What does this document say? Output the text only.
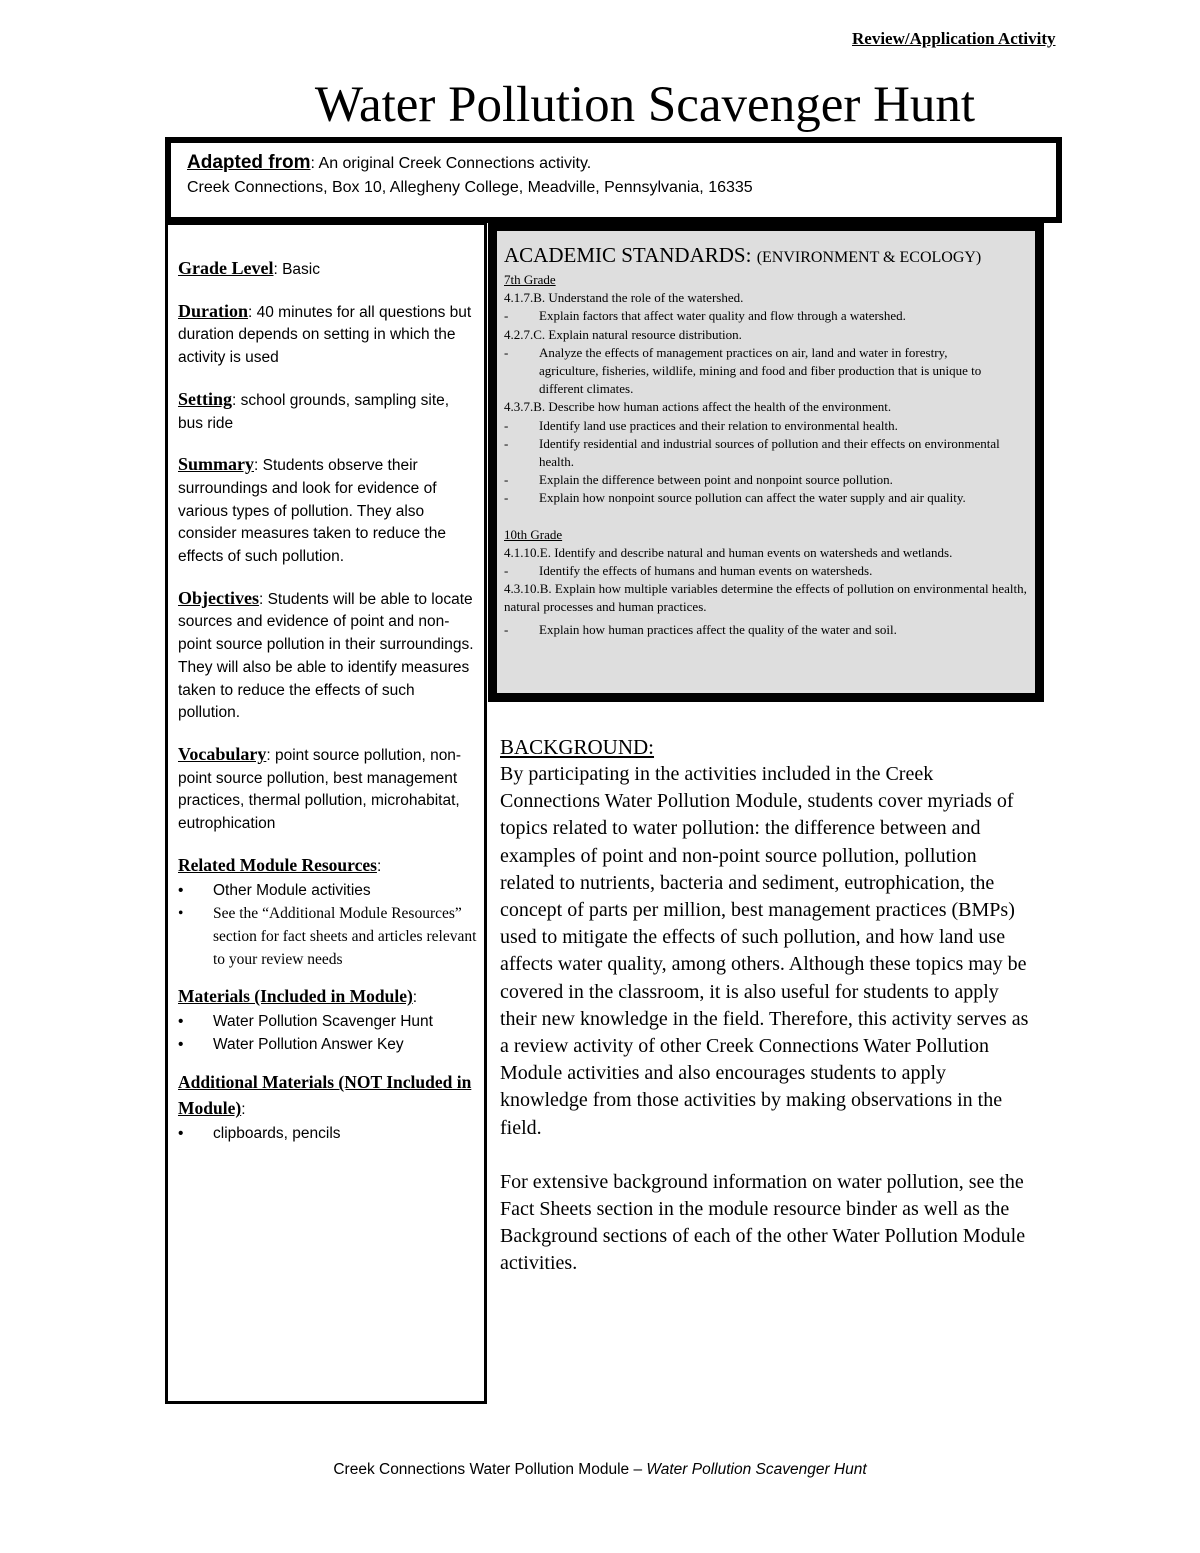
Review/Application Activity
Water Pollution Scavenger Hunt
Adapted from: An original Creek Connections activity.
Creek Connections, Box 10, Allegheny College, Meadville, Pennsylvania, 16335

Grade Level: Basic

Duration: 40 minutes for all questions but duration depends on setting in which the activity is used

Setting: school grounds, sampling site, bus ride

Summary: Students observe their surroundings and look for evidence of various types of pollution. They also consider measures taken to reduce the effects of such pollution.

Objectives: Students will be able to locate sources and evidence of point and non-point source pollution in their surroundings. They will also be able to identify measures taken to reduce the effects of such pollution.

Vocabulary: point source pollution, non-point source pollution, best management practices, thermal pollution, microhabitat, eutrophication

Related Module Resources:
• Other Module activities
• See the “Additional Module Resources” section for fact sheets and articles relevant to your review needs
Materials (Included in Module):
• Water Pollution Scavenger Hunt
• Water Pollution Answer Key
Additional Materials (NOT Included in Module):
• clipboards, pencils
ACADEMIC STANDARDS: (ENVIRONMENT & ECOLOGY)
7th Grade
4.1.7.B. Understand the role of the watershed.
- Explain factors that affect water quality and flow through a watershed.
4.2.7.C. Explain natural resource distribution.
- Analyze the effects of management practices on air, land and water in forestry,
agriculture, fisheries, wildlife, mining and food and fiber production that is unique to different climates.
4.3.7.B. Describe how human actions affect the health of the environment.
- Identify land use practices and their relation to environmental health.
- Identify residential and industrial sources of pollution and their effects on environmental health.
- Explain the difference between point and nonpoint source pollution.
- Explain how nonpoint source pollution can affect the water supply and air quality.
10th Grade
4.1.10.E. Identify and describe natural and human events on watersheds and wetlands.
- Identify the effects of humans and human events on watersheds.
4.3.10.B. Explain how multiple variables determine the effects of pollution on environmental health, natural processes and human practices.
- Explain how human practices affect the quality of the water and soil.
BACKGROUND:

By participating in the activities included in the Creek Connections Water Pollution Module, students cover myriads of topics related to water pollution: the difference between and examples of point and non-point source pollution, pollution related to nutrients, bacteria and sediment, eutrophication, the concept of parts per million, best management practices (BMPs) used to mitigate the effects of such pollution, and how land use affects water quality, among others. Although these topics may be covered in the classroom, it is also useful for students to apply their new knowledge in the field. Therefore, this activity serves as a review activity of other Creek Connections Water Pollution Module activities and also encourages students to apply knowledge from those activities by making observations in the field.

For extensive background information on water pollution, see the Fact Sheets section in the module resource binder as well as the Background sections of each of the other Water Pollution Module activities.

Creek Connections Water Pollution Module – Water Pollution Scavenger Hunt
